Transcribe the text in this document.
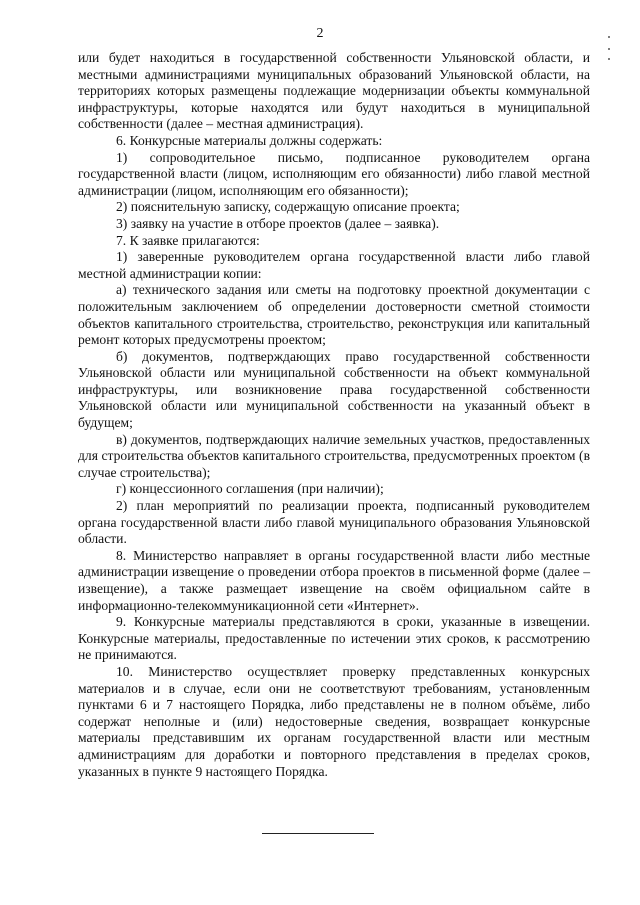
2

или будет находиться в государственной собственности Ульяновской области, и местными администрациями муниципальных образований Ульяновской области, на территориях которых размещены подлежащие модернизации объекты коммунальной инфраструктуры, которые находятся или будут находиться в муниципальной собственности (далее – местная администрация).

6. Конкурсные материалы должны содержать:

1) сопроводительное письмо, подписанное руководителем органа государственной власти (лицом, исполняющим его обязанности) либо главой местной администрации (лицом, исполняющим его обязанности);

2) пояснительную записку, содержащую описание проекта;

3) заявку на участие в отборе проектов (далее – заявка).

7. К заявке прилагаются:

1) заверенные руководителем органа государственной власти либо главой местной администрации копии:

а) технического задания или сметы на подготовку проектной документации с положительным заключением об определении достоверности сметной стоимости объектов капитального строительства, строительство, реконструкция или капитальный ремонт которых предусмотрены проектом;

б) документов, подтверждающих право государственной собственности Ульяновской области или муниципальной собственности на объект коммунальной инфраструктуры, или возникновение права государственной собственности Ульяновской области или муниципальной собственности на указанный объект в будущем;

в) документов, подтверждающих наличие земельных участков, предоставленных для строительства объектов капитального строительства, предусмотренных проектом (в случае строительства);

г) концессионного соглашения (при наличии);

2) план мероприятий по реализации проекта, подписанный руководителем органа государственной власти либо главой муниципального образования Ульяновской области.

8. Министерство направляет в органы государственной власти либо местные администрации извещение о проведении отбора проектов в письменной форме (далее – извещение), а также размещает извещение на своём официальном сайте в информационно-телекоммуникационной сети «Интернет».

9. Конкурсные материалы представляются в сроки, указанные в извещении. Конкурсные материалы, предоставленные по истечении этих сроков, к рассмотрению не принимаются.

10. Министерство осуществляет проверку представленных конкурсных материалов и в случае, если они не соответствуют требованиям, установленным пунктами 6 и 7 настоящего Порядка, либо представлены не в полном объёме, либо содержат неполные и (или) недостоверные сведения, возвращает конкурсные материалы представившим их органам государственной власти или местным администрациям для доработки и повторного представления в пределах сроков, указанных в пункте 9 настоящего Порядка.
